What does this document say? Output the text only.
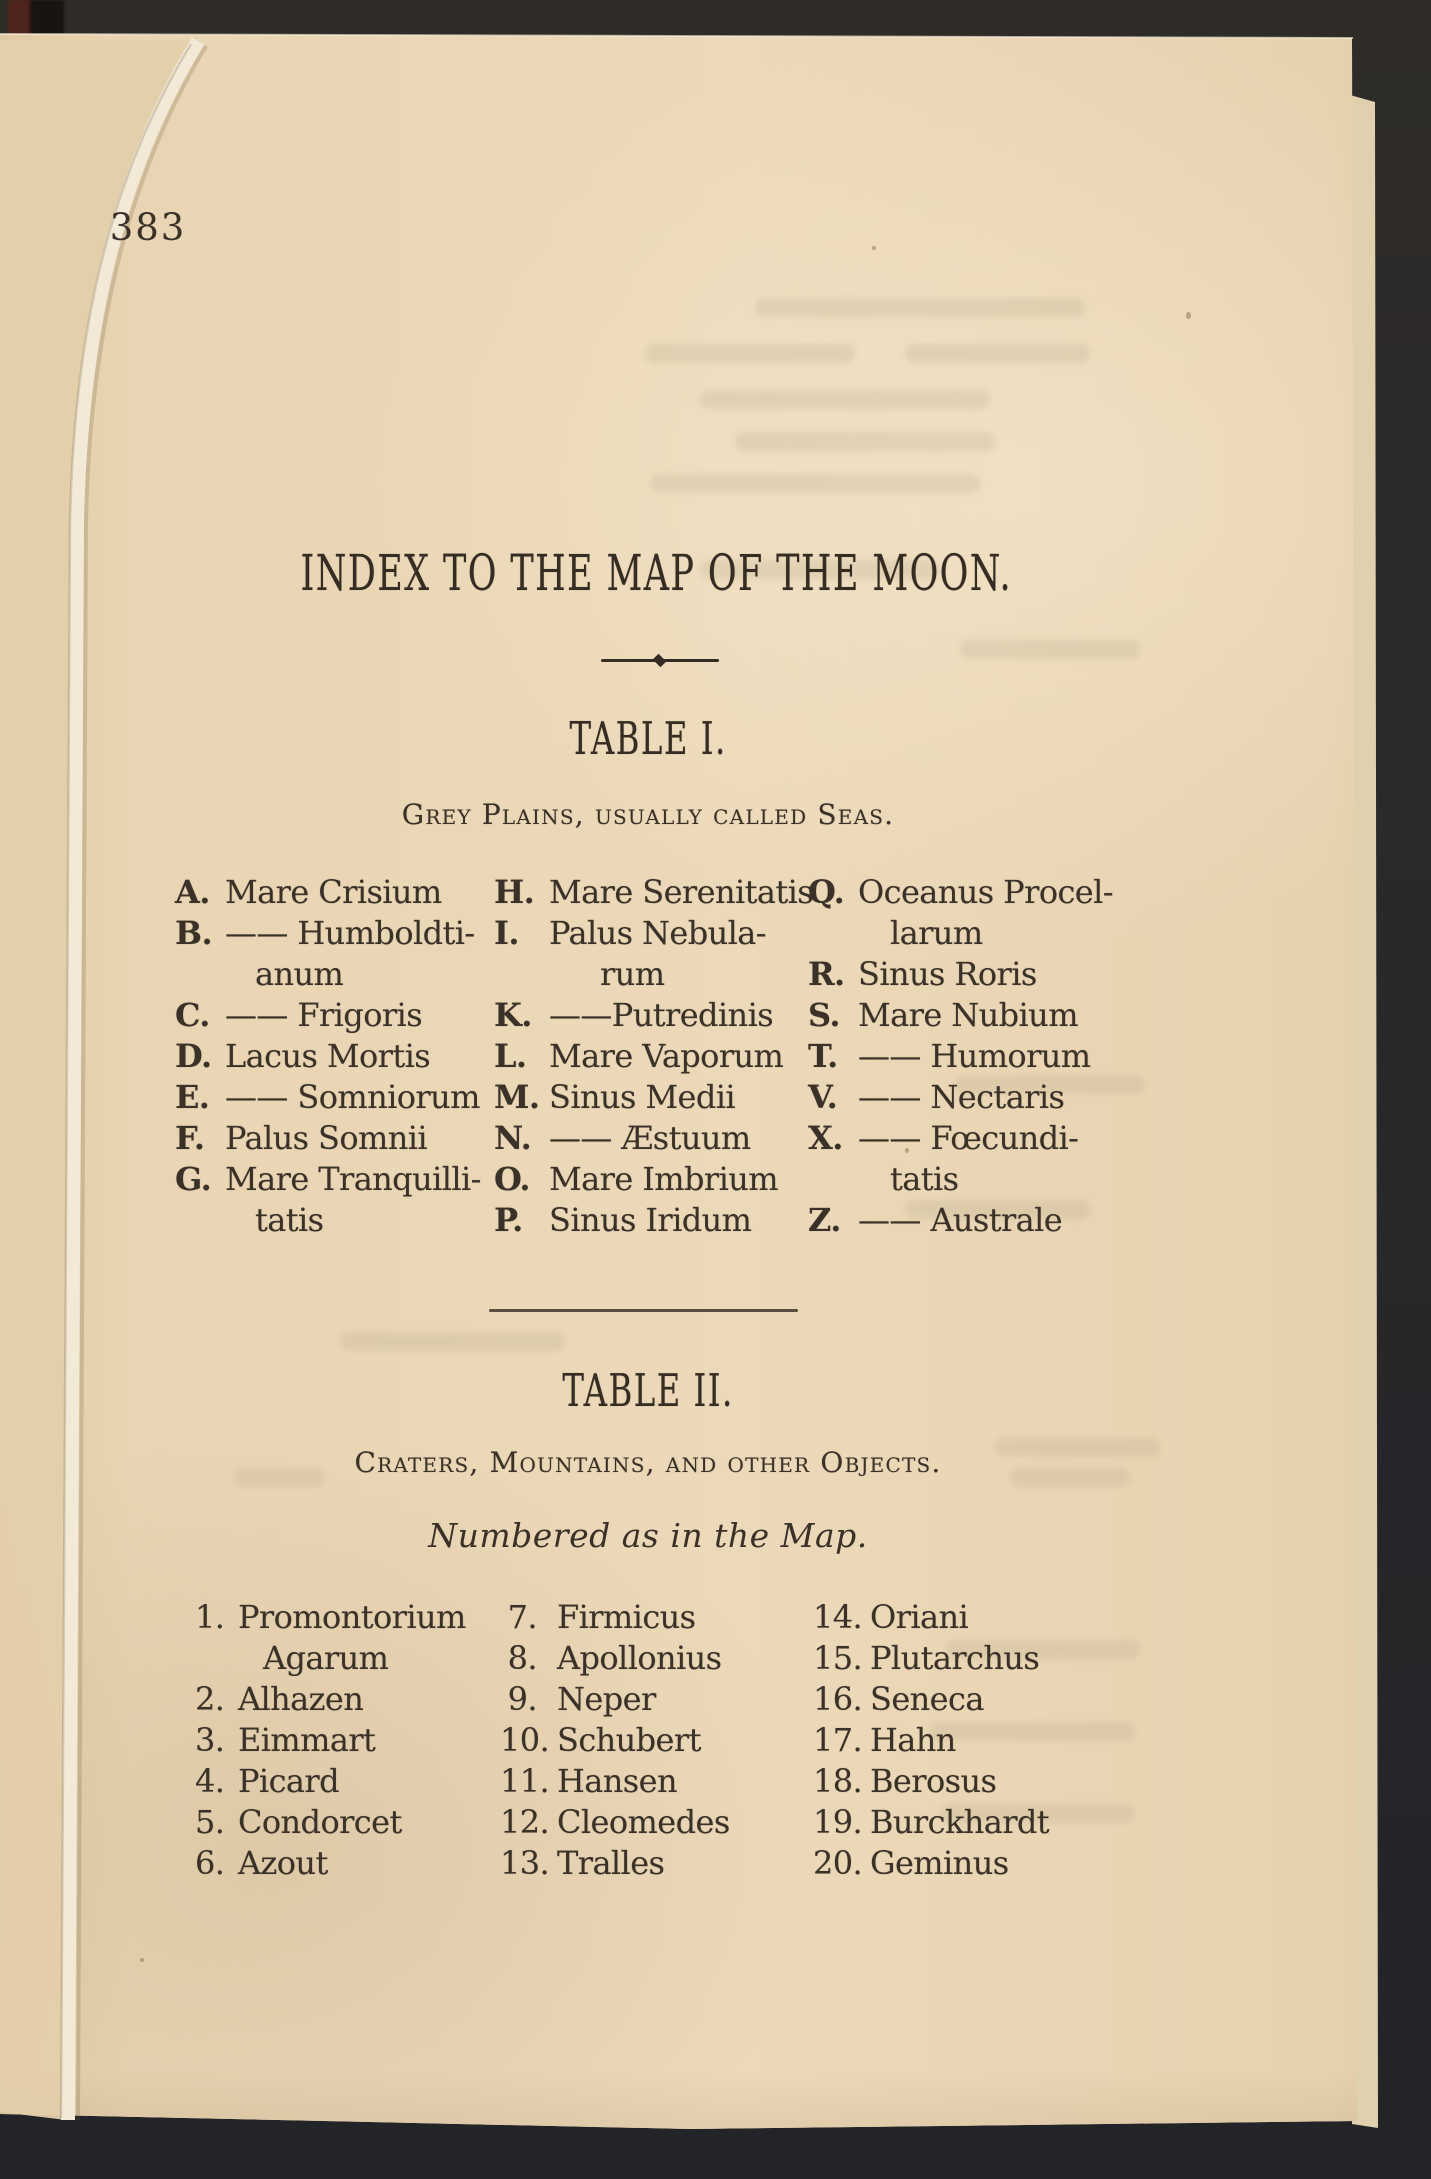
383
INDEX TO THE MAP OF THE MOON.
TABLE I.
Grey Plains, usually called Seas.
A. Mare Crisium
B. —— Humboldti-
anum
C. —— Frigoris
D. Lacus Mortis
E. —— Somniorum
F. Palus Somnii
G. Mare Tranquilli-
tatis
H. Mare Serenitatis
I. Palus Nebula-
rum
K. ——Putredinis
L. Mare Vaporum
M. Sinus Medii
N. —— Æstuum
O. Mare Imbrium
P. Sinus Iridum
Q. Oceanus Procel-
larum
R. Sinus Roris
S. Mare Nubium
T. —— Humorum
V. —— Nectaris
X. —— Fœcundi-
tatis
Z. —— Australe
TABLE II.
Craters, Mountains, and other Objects.
Numbered as in the Map.
1. Promontorium
Agarum
2. Alhazen
3. Eimmart
4. Picard
5. Condorcet
6. Azout
7. Firmicus
8. Apollonius
9. Neper
10. Schubert
11. Hansen
12. Cleomedes
13. Tralles
14. Oriani
15. Plutarchus
16. Seneca
17. Hahn
18. Berosus
19. Burckhardt
20. Geminus
